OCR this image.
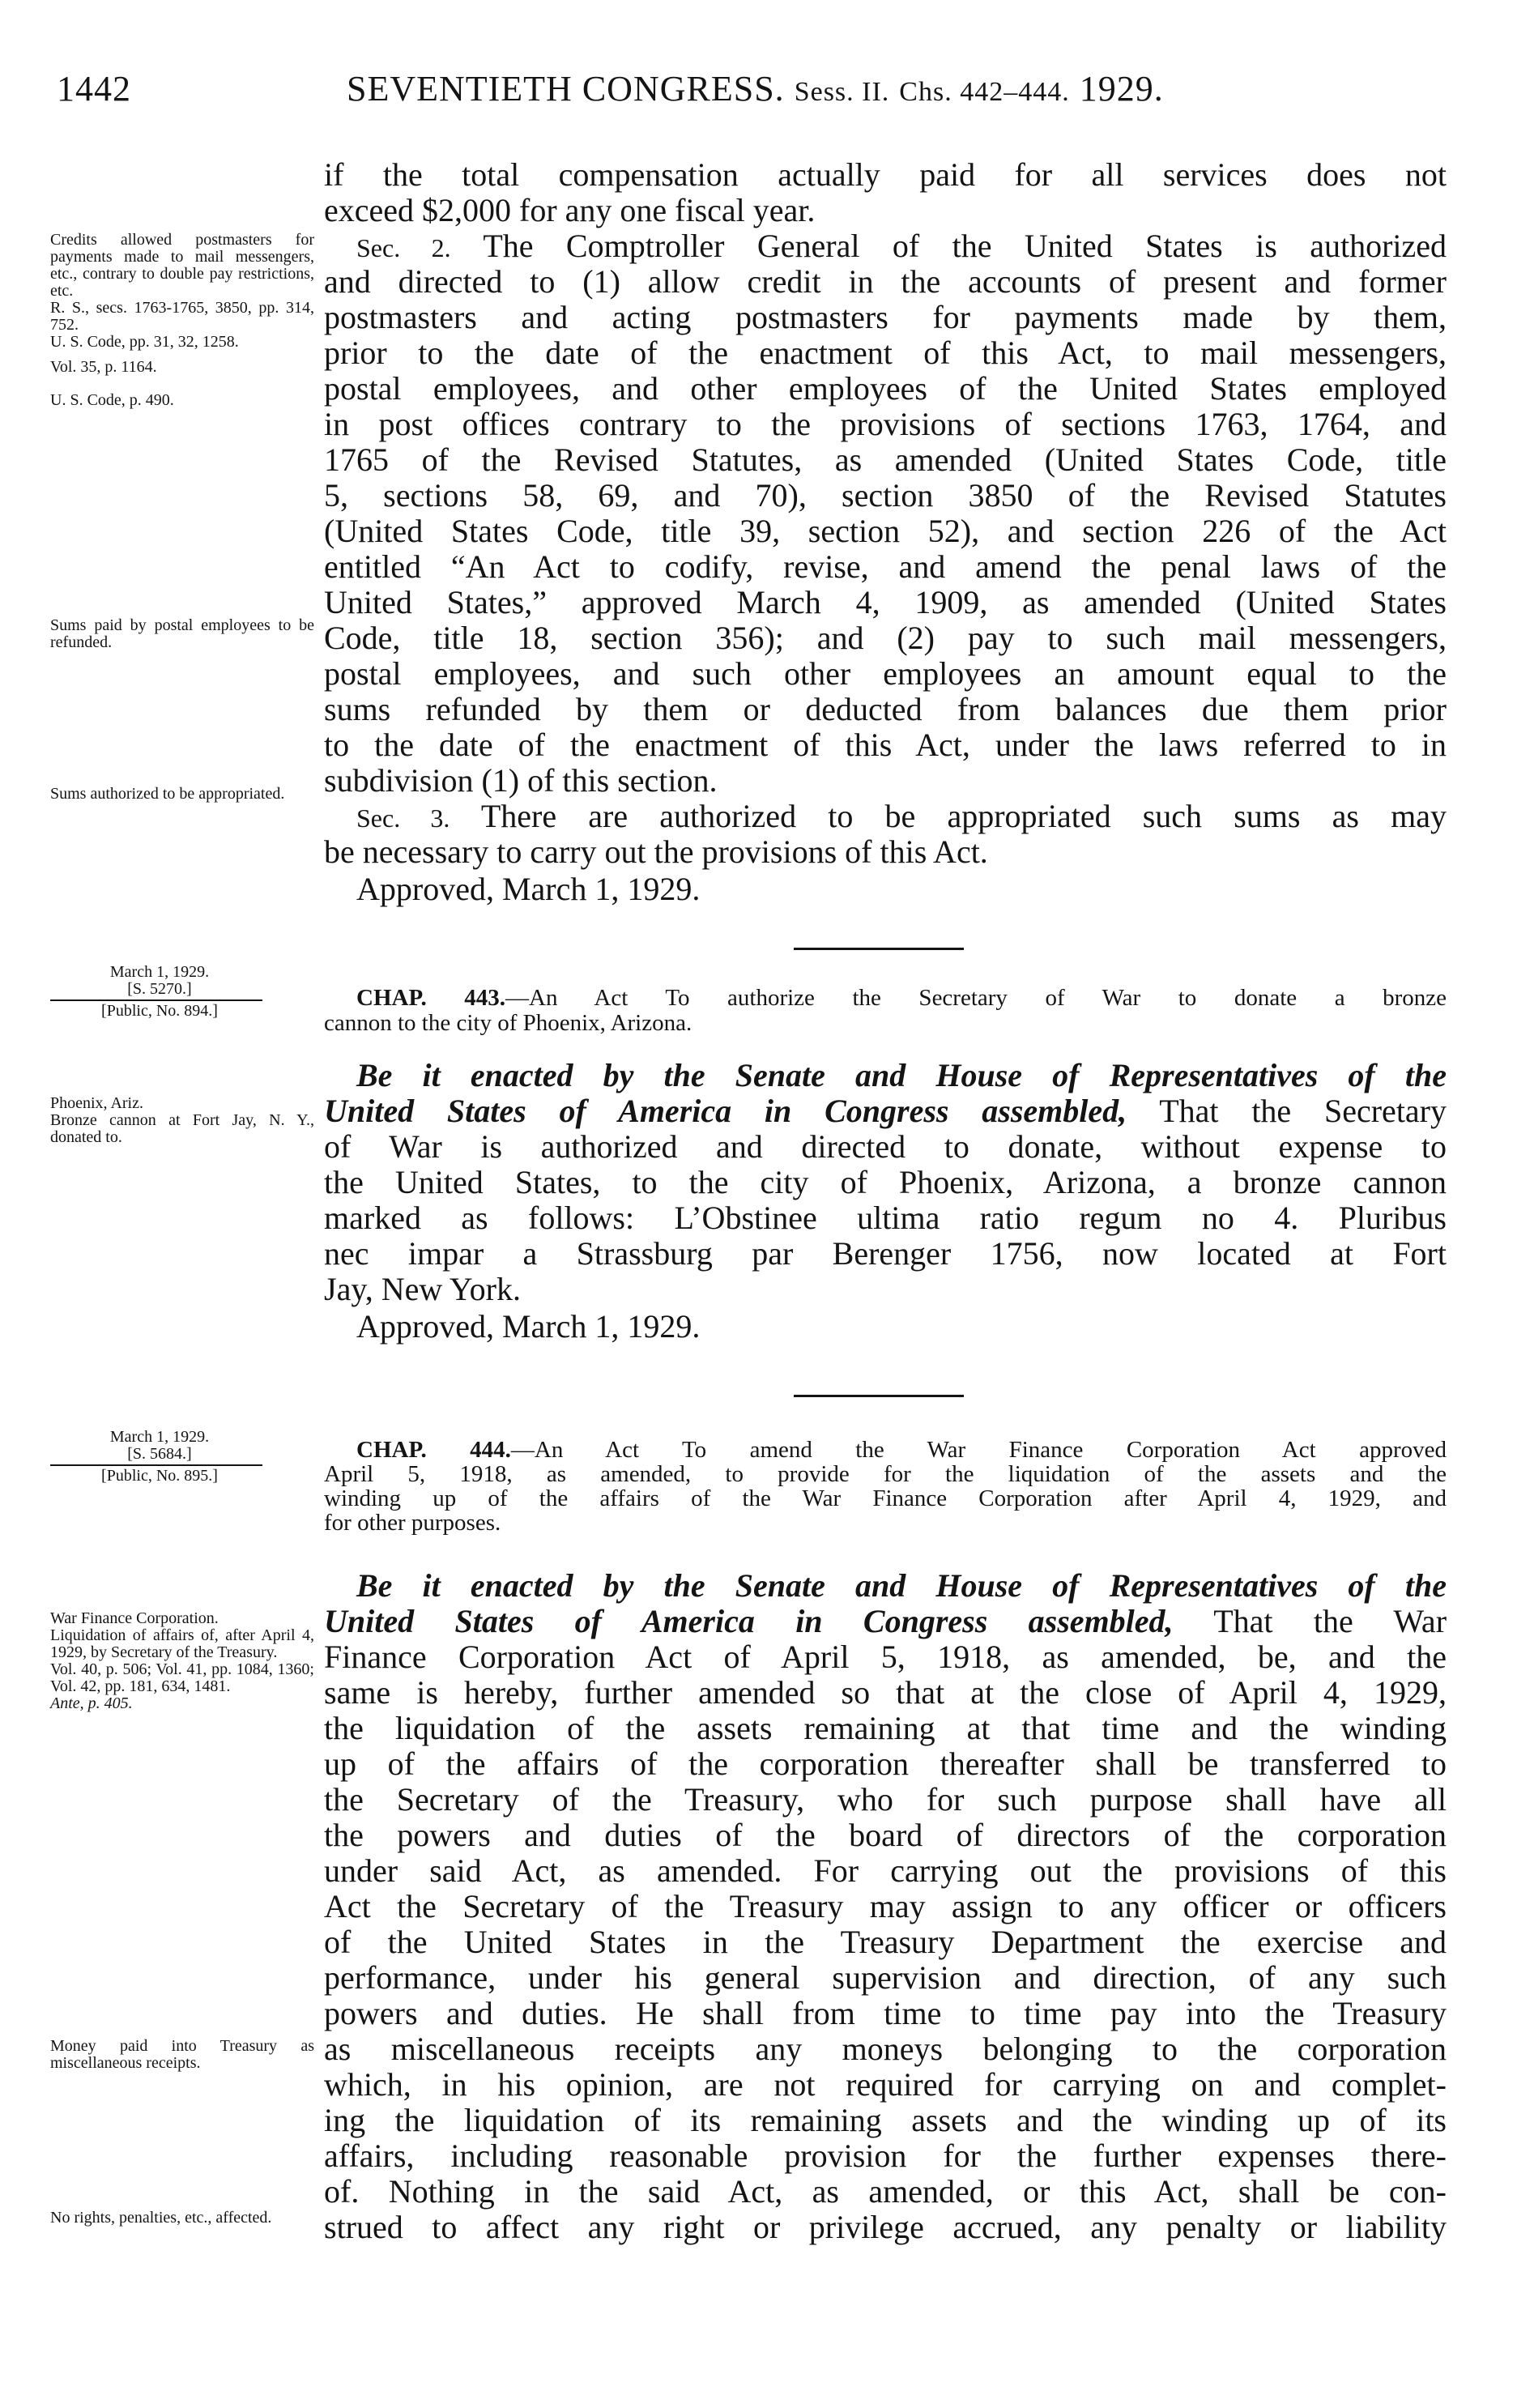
1442	SEVENTIETH CONGRESS. Sess. II. Chs. 442–444. 1929.
Credits allowed postmasters for payments made to mail messengers, etc., contrary to double pay restrictions, etc.
R. S., secs. 1763-1765, 3850, pp. 314, 752.
U. S. Code, pp. 31, 32, 1258.
Vol. 35, p. 1164.
U. S. Code, p. 490.
Sums paid by postal employees to be refunded.
Sums authorized to be appropriated.
March 1, 1929.
[S. 5270.]
[Public, No. 894.]
Phoenix, Ariz.
Bronze cannon at Fort Jay, N. Y., donated to.
March 1, 1929.
[S. 5684.]
[Public, No. 895.]
War Finance Corporation.
Liquidation of affairs of, after April 4, 1929, by Secretary of the Treasury.
Vol. 40, p. 506; Vol. 41, pp. 1084, 1360; Vol. 42, pp. 181, 634, 1481.
Ante, p. 405.
Money paid into Treasury as miscellaneous receipts.
No rights, penalties, etc., affected.
if the total compensation actually paid for all services does not
exceed $2,000 for any one fiscal year.
Sec. 2. The Comptroller General of the United States is authorized
and directed to (1) allow credit in the accounts of present and former
postmasters and acting postmasters for payments made by them,
prior to the date of the enactment of this Act, to mail messengers,
postal employees, and other employees of the United States employed
in post offices contrary to the provisions of sections 1763, 1764, and
1765 of the Revised Statutes, as amended (United States Code, title
5, sections 58, 69, and 70), section 3850 of the Revised Statutes
(United States Code, title 39, section 52), and section 226 of the Act
entitled “An Act to codify, revise, and amend the penal laws of the
United States,” approved March 4, 1909, as amended (United States
Code, title 18, section 356); and (2) pay to such mail messengers,
postal employees, and such other employees an amount equal to the
sums refunded by them or deducted from balances due them prior
to the date of the enactment of this Act, under the laws referred to in
subdivision (1) of this section.
Sec. 3. There are authorized to be appropriated such sums as may
be necessary to carry out the provisions of this Act.
Approved, March 1, 1929.
CHAP. 443.—An Act To authorize the Secretary of War to donate a bronze
cannon to the city of Phoenix, Arizona.
Be it enacted by the Senate and House of Representatives of the
United States of America in Congress assembled, That the Secretary
of War is authorized and directed to donate, without expense to
the United States, to the city of Phoenix, Arizona, a bronze cannon
marked as follows: L’Obstinee ultima ratio regum no 4. Pluribus
nec impar a Strassburg par Berenger 1756, now located at Fort
Jay, New York.
Approved, March 1, 1929.
CHAP. 444.—An Act To amend the War Finance Corporation Act approved
April 5, 1918, as amended, to provide for the liquidation of the assets and the
winding up of the affairs of the War Finance Corporation after April 4, 1929, and
for other purposes.
Be it enacted by the Senate and House of Representatives of the
United States of America in Congress assembled, That the War
Finance Corporation Act of April 5, 1918, as amended, be, and the
same is hereby, further amended so that at the close of April 4, 1929,
the liquidation of the assets remaining at that time and the winding
up of the affairs of the corporation thereafter shall be transferred to
the Secretary of the Treasury, who for such purpose shall have all
the powers and duties of the board of directors of the corporation
under said Act, as amended. For carrying out the provisions of this
Act the Secretary of the Treasury may assign to any officer or officers
of the United States in the Treasury Department the exercise and
performance, under his general supervision and direction, of any such
powers and duties. He shall from time to time pay into the Treasury
as miscellaneous receipts any moneys belonging to the corporation
which, in his opinion, are not required for carrying on and complet-
ing the liquidation of its remaining assets and the winding up of its
affairs, including reasonable provision for the further expenses there-
of. Nothing in the said Act, as amended, or this Act, shall be con-
strued to affect any right or privilege accrued, any penalty or liability
